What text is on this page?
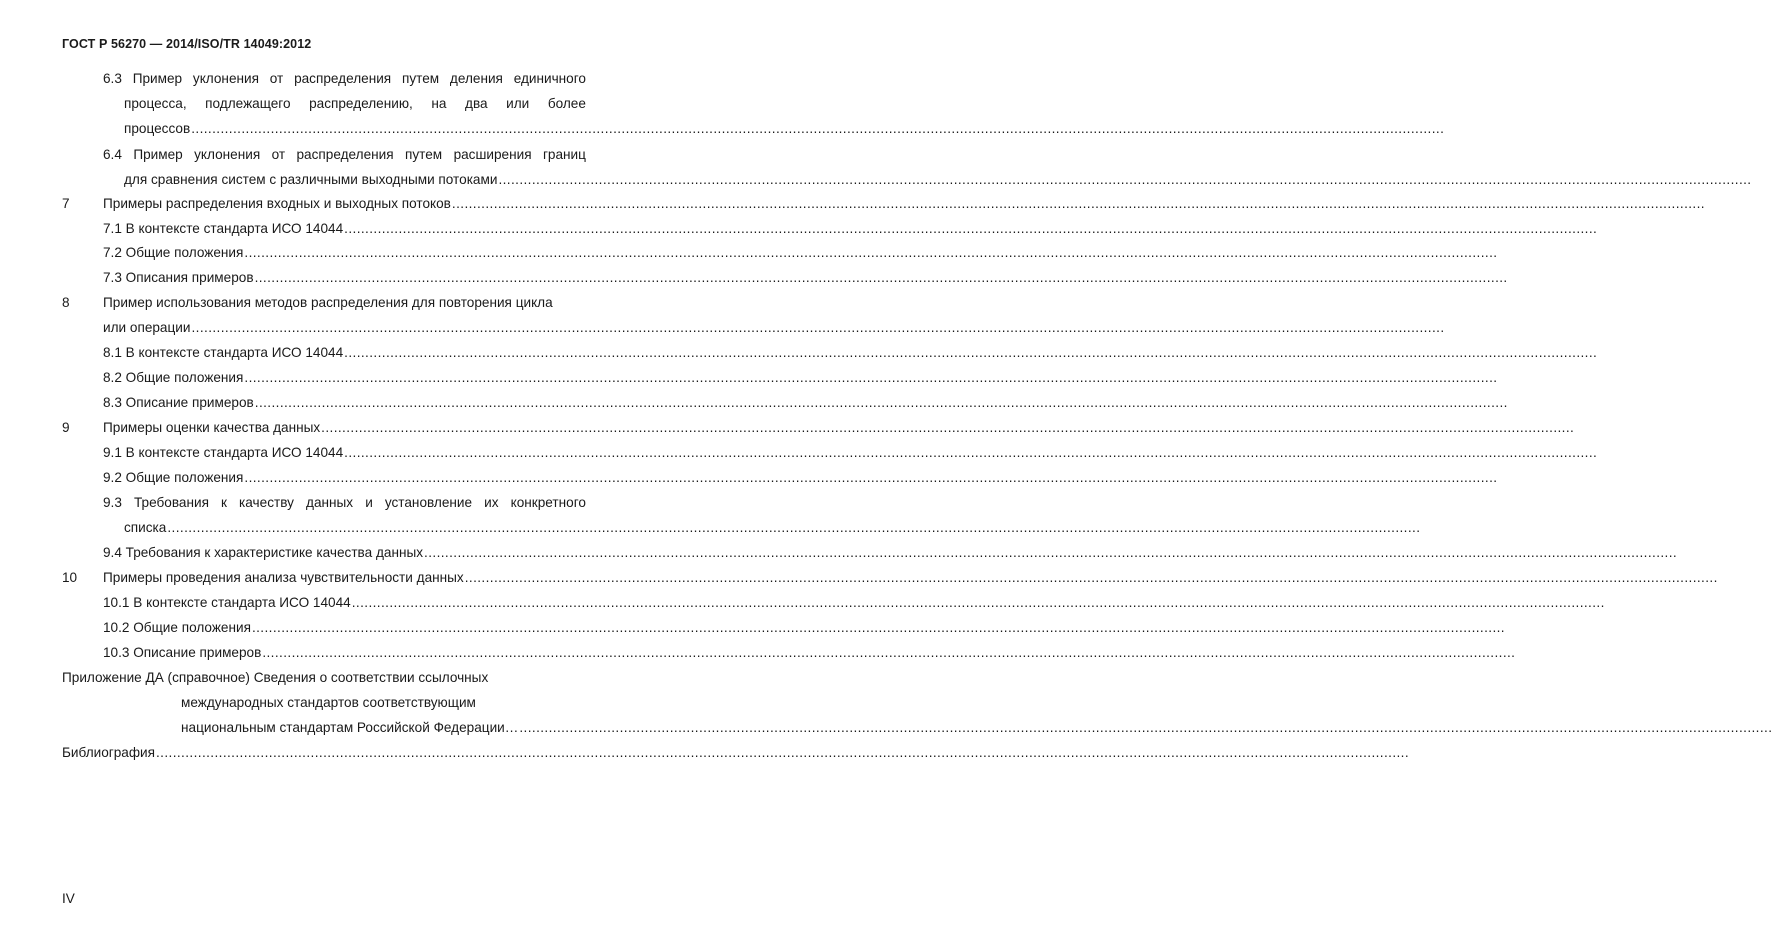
ГОСТ Р 56270 — 2014/ISO/TR 14049:2012
6.3 Пример уклонения от распределения путем деления единичного
процесса, подлежащего распределению, на два или более
процессов ............................................................................................................................................................................................................................................................................................................
6.4 Пример уклонения от распределения путем расширения границ
для сравнения систем с различными выходными потоками ............................................................................................................................................................................................................................................................................................................
7 Примеры распределения входных и выходных потоков ............................................................................................................................................................................................................................................................................................................
7.1 В контексте стандарта ИСО 14044 ............................................................................................................................................................................................................................................................................................................
7.2 Общие положения ............................................................................................................................................................................................................................................................................................................
7.3 Описания примеров ............................................................................................................................................................................................................................................................................................................
8 Пример использования методов распределения для повторения цикла
или операции ............................................................................................................................................................................................................................................................................................................
8.1 В контексте стандарта ИСО 14044 ............................................................................................................................................................................................................................................................................................................
8.2 Общие положения ............................................................................................................................................................................................................................................................................................................
8.3 Описание примеров ............................................................................................................................................................................................................................................................................................................
9 Примеры оценки качества данных ............................................................................................................................................................................................................................................................................................................
9.1 В контексте стандарта ИСО 14044 ............................................................................................................................................................................................................................................................................................................
9.2 Общие положения ............................................................................................................................................................................................................................................................................................................
9.3 Требования к качеству данных и установление их конкретного
списка ............................................................................................................................................................................................................................................................................................................
9.4 Требования к характеристике качества данных ............................................................................................................................................................................................................................................................................................................
10 Примеры проведения анализа чувствительности данных ............................................................................................................................................................................................................................................................................................................
10.1 В контексте стандарта ИСО 14044 ............................................................................................................................................................................................................................................................................................................
10.2 Общие положения ............................................................................................................................................................................................................................................................................................................
10.3 Описание примеров ............................................................................................................................................................................................................................................................................................................
Приложение ДА (справочное) Сведения о соответствии ссылочных
международных стандартов соответствующим
национальным стандартам Российской Федерации… ............................................................................................................................................................................................................................................................................................................
Библиография ............................................................................................................................................................................................................................................................................................................
IV
